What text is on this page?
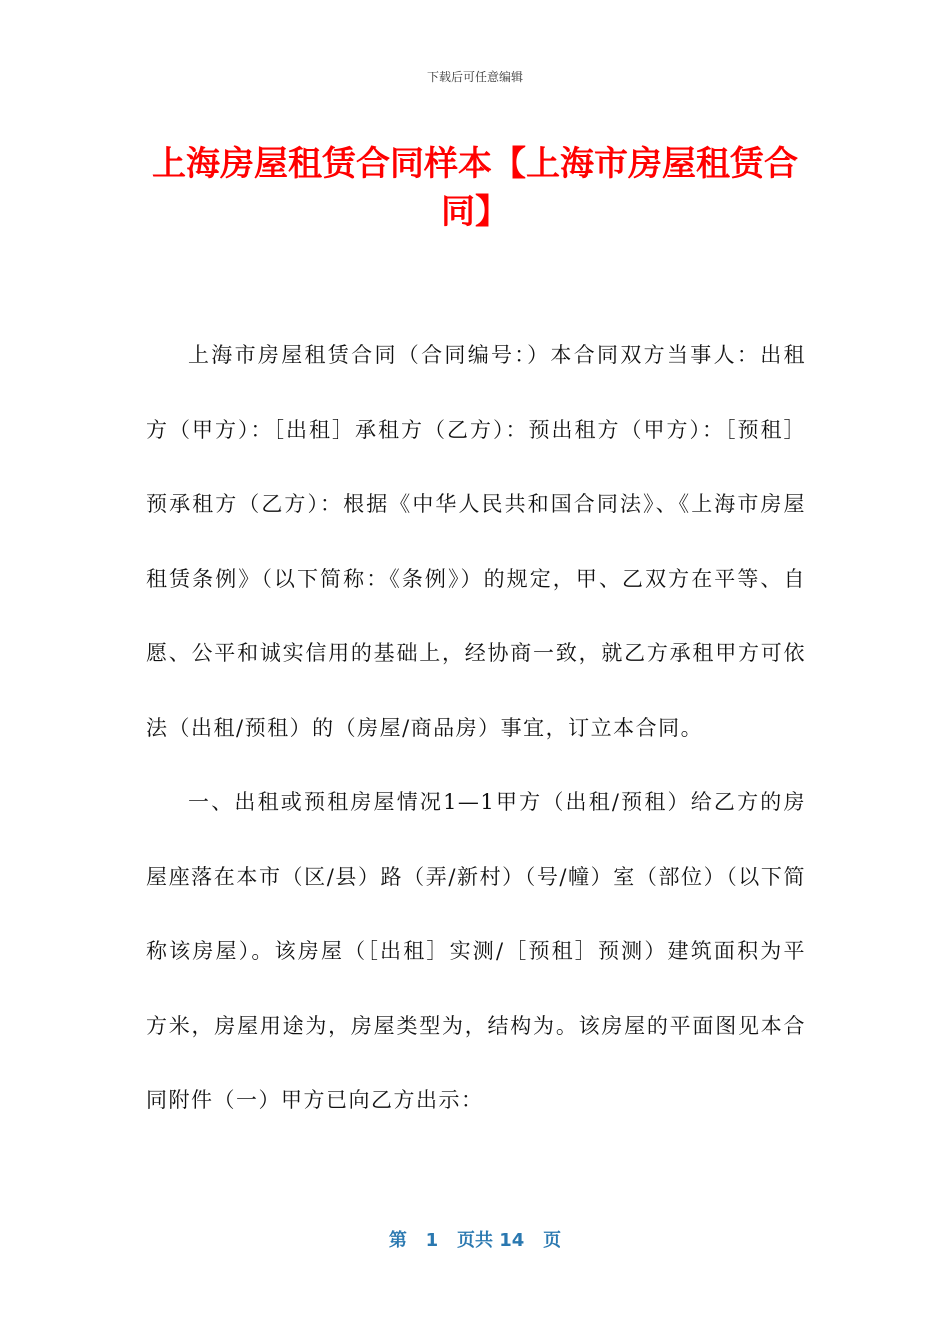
下载后可任意编辑
上海房屋租赁合同样本【上海市房屋租赁合同】

上海市房屋租赁合同（合同编号：）本合同双方当事人：出租方（甲方）：［出租］承租方（乙方）：预出租方（甲方）：［预租］预承租方（乙方）：根据《中华人民共和国合同法》、《上海市房屋租赁条例》（以下简称：《条例》）的规定，甲、乙双方在平等、自愿、公平和诚实信用的基础上，经协商一致，就乙方承租甲方可依法（出租/预租）的（房屋/商品房）事宜，订立本合同。

一、出租或预租房屋情况1—1甲方（出租/预租）给乙方的房屋座落在本市（区/县）路（弄/新村）（号/幢）室（部位）（以下简称该房屋）。该房屋（［出租］实测/［预租］预测）建筑面积为平方米，房屋用途为，房屋类型为，结构为。该房屋的平面图见本合同附件（一）甲方已向乙方出示：

第 1 页共 14 页
